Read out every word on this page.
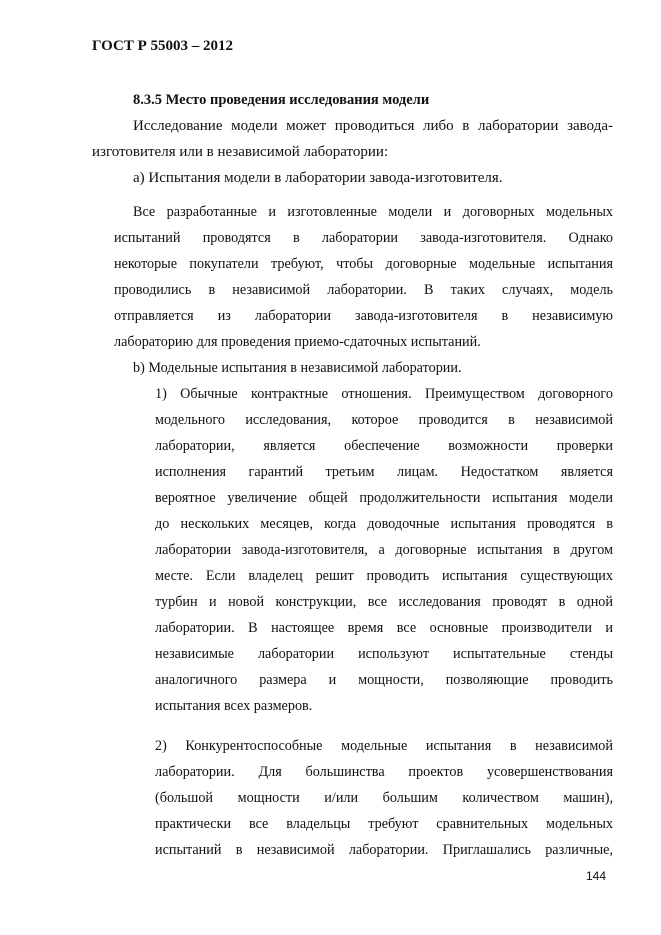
ГОСТ Р 55003 – 2012
8.3.5 Место проведения исследования модели
Исследование модели может проводиться либо в лаборатории завода-
изготовителя или в независимой лаборатории:
а) Испытания модели в лаборатории завода-изготовителя.
Все разработанные и изготовленные модели и договорных модельных
испытаний проводятся в лаборатории завода-изготовителя. Однако
некоторые покупатели требуют, чтобы договорные модельные испытания
проводились в независимой лаборатории. В таких случаях, модель
отправляется из лаборатории завода-изготовителя в независимую
лабораторию для проведения приемо-сдаточных испытаний.
b) Модельные испытания в независимой лаборатории.
1) Обычные контрактные отношения. Преимуществом договорного
модельного исследования, которое проводится в независимой
лаборатории, является обеспечение возможности проверки
исполнения гарантий третьим лицам. Недостатком является
вероятное увеличение общей продолжительности испытания модели
до нескольких месяцев, когда доводочные испытания проводятся в
лаборатории завода-изготовителя, а договорные испытания в другом
месте. Если владелец решит проводить испытания существующих
турбин и новой конструкции, все исследования проводят в одной
лаборатории. В настоящее время все основные производители и
независимые лаборатории используют испытательные стенды
аналогичного размера и мощности, позволяющие проводить
испытания всех размеров.
2) Конкурентоспособные модельные испытания в независимой
лаборатории. Для большинства проектов усовершенствования
(большой мощности и/или большим количеством машин),
практически все владельцы требуют сравнительных модельных
испытаний в независимой лаборатории. Приглашались различные,
144
